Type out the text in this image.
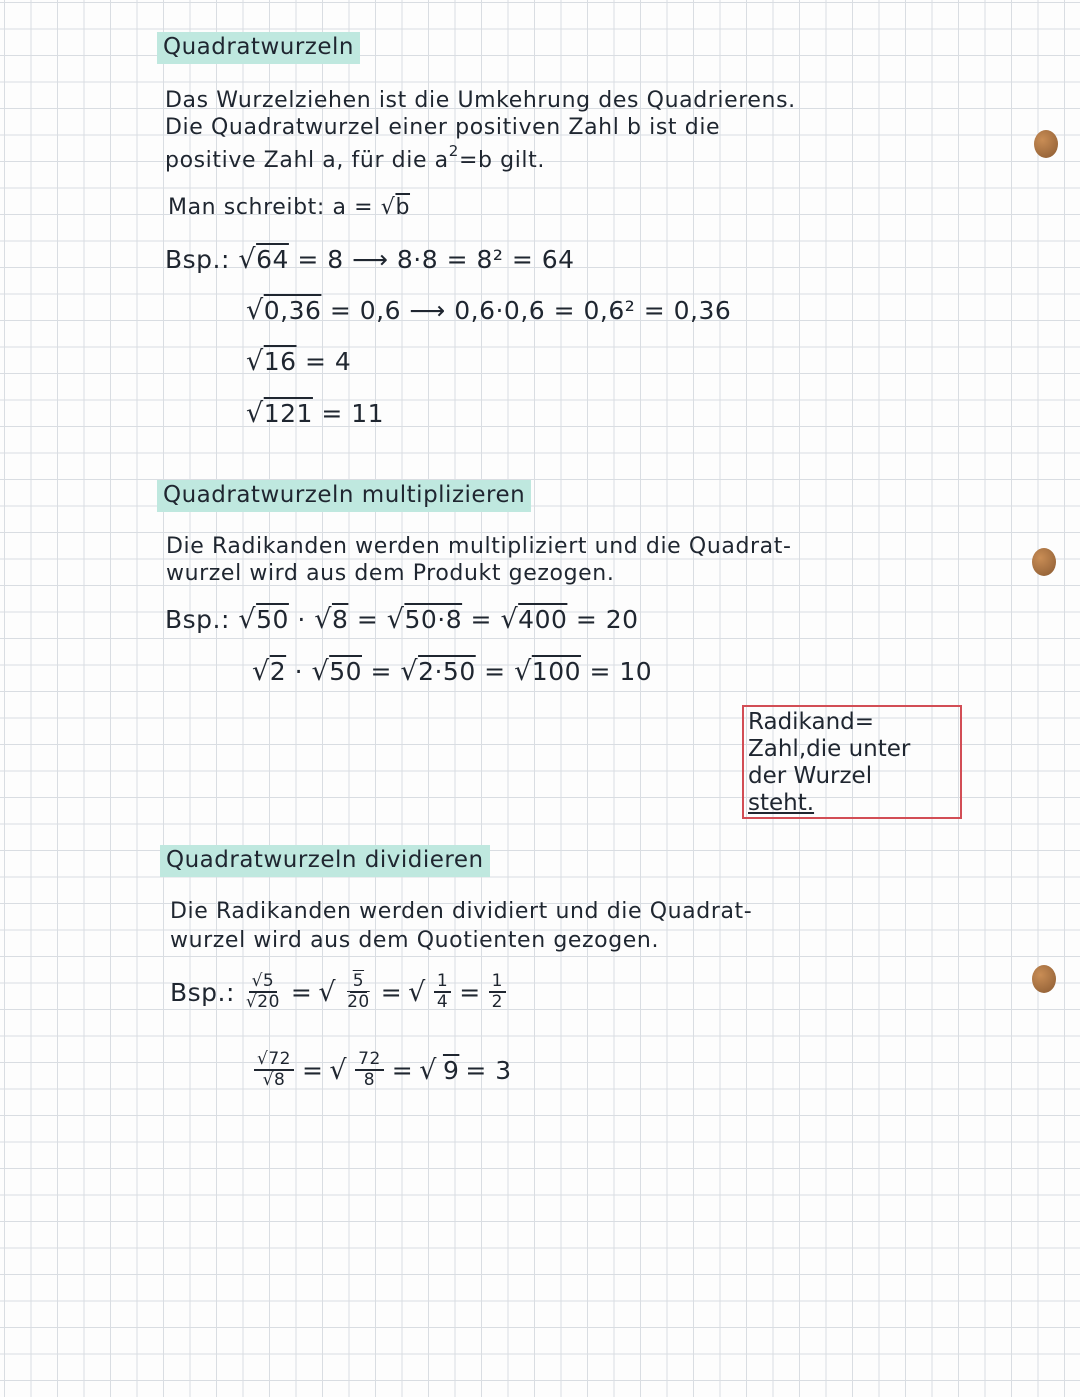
Quadratwurzeln
Das Wurzelziehen ist die Umkehrung des Quadrierens.
Die Quadratwurzel einer positiven Zahl b ist die
positive Zahl a, für die $a^2=b$ gilt.
Man schreibt: a = √b
Bsp.: √64 = 8 ⟶ 8·8 = 8² = 64
√0,36 = 0,6 ⟶ 0,6·0,6 = 0,6² = 0,36
√16 = 4
√121 = 11
Quadratwurzeln multiplizieren
Die Radikanden werden multipliziert und die Quadrat-
wurzel wird aus dem Produkt gezogen.
Bsp.: √50 · √8 = √50·8 = √400 = 20
√2 · √50 = √2·50 = √100 = 10
Radikand=
Zahl,die unter
der Wurzel
steht.
Quadratwurzeln dividieren
Die Radikanden werden dividiert und die Quadrat-
wurzel wird aus dem Quotienten gezogen.
Bsp.: $\frac{√5}{√20}$ = √ $\frac{5}{20}$ = √ $\frac{1}{4} = \frac{1}{2}$
$\frac{√72}{√8}$ = √ $\frac{72}{8}$ = √ 9 = 3
